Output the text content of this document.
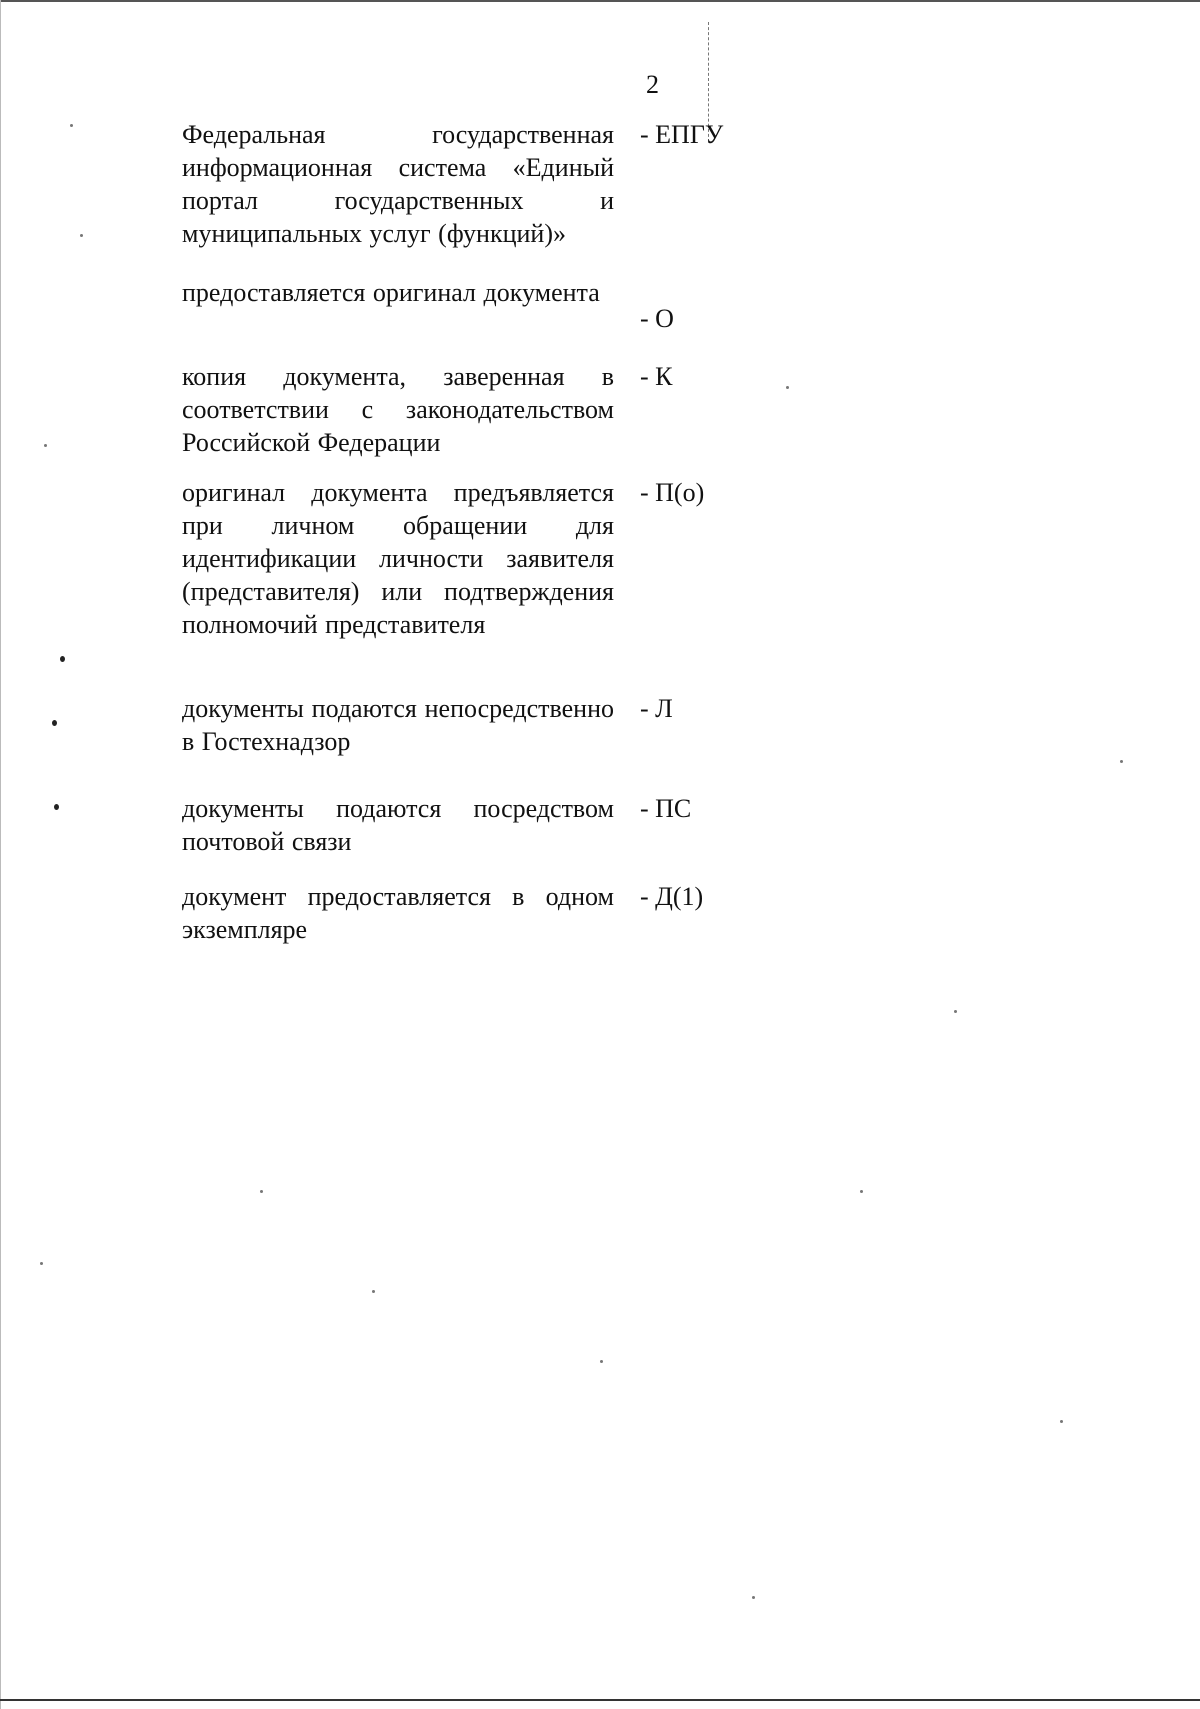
2
Федеральная государственная информационная система «Единый портал государственных и муниципальных услуг (функций)»
- ЕПГУ
предоставляется оригинал документа
- О
копия документа, заверенная в соответствии с законодательством Российской Федерации
- К
оригинал документа предъявляется при личном обращении для идентификации личности заявителя (представителя) или подтверждения полномочий представителя
- П(о)
документы подаются непосредственно в Гостехнадзор
- Л
документы подаются посредством почтовой связи
- ПС
документ предоставляется в одном экземпляре
- Д(1)
